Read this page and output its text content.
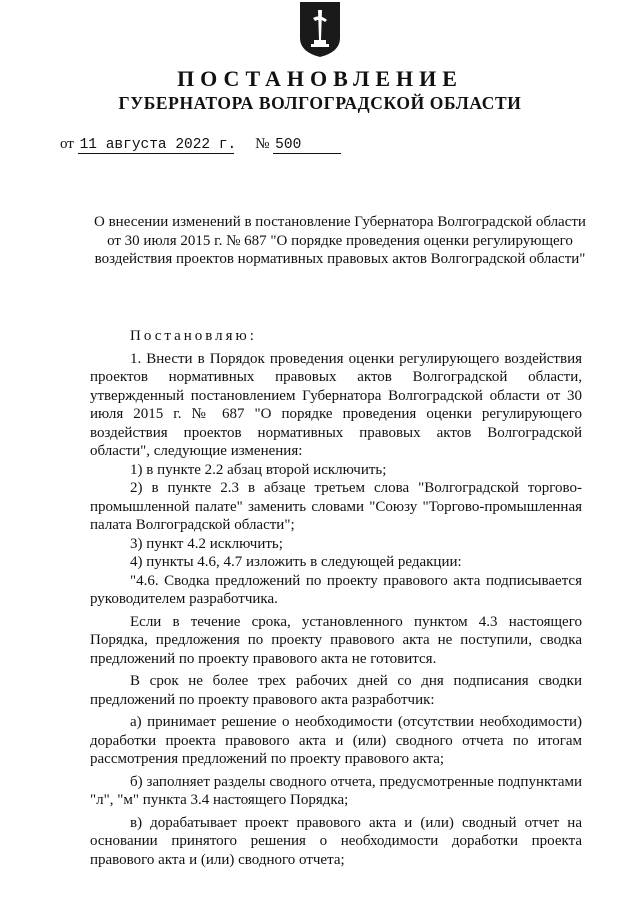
ПОСТАНОВЛЕНИЕ
ГУБЕРНАТОРА ВОЛГОГРАДСКОЙ ОБЛАСТИ
от 11 августа 2022 г. № 500
О внесении изменений в постановление Губернатора Волгоградской области от 30 июля 2015 г. № 687 "О порядке проведения оценки регулирующего воздействия проектов нормативных правовых актов Волгоградской области"

Постановляю:

1. Внести в Порядок проведения оценки регулирующего воздействия проектов нормативных правовых актов Волгоградской области, утвержденный постановлением Губернатора Волгоградской области от 30 июля 2015 г. № 687 "О порядке проведения оценки регулирующего воздействия проектов нормативных правовых актов Волгоградской области", следующие изменения:

1) в пункте 2.2 абзац второй исключить;

2) в пункте 2.3 в абзаце третьем слова "Волгоградской торгово-промышленной палате" заменить словами "Союзу "Торгово-промышленная палата Волгоградской области";

3) пункт 4.2 исключить;

4) пункты 4.6, 4.7 изложить в следующей редакции:

"4.6. Сводка предложений по проекту правового акта подписывается руководителем разработчика.

Если в течение срока, установленного пунктом 4.3 настоящего Порядка, предложения по проекту правового акта не поступили, сводка предложений по проекту правового акта не готовится.

В срок не более трех рабочих дней со дня подписания сводки предложений по проекту правового акта разработчик:

а) принимает решение о необходимости (отсутствии необходимости) доработки проекта правового акта и (или) сводного отчета по итогам рассмотрения предложений по проекту правового акта;

б) заполняет разделы сводного отчета, предусмотренные подпунктами "л", "м" пункта 3.4 настоящего Порядка;

в) дорабатывает проект правового акта и (или) сводный отчет на основании принятого решения о необходимости доработки проекта правового акта и (или) сводного отчета;
